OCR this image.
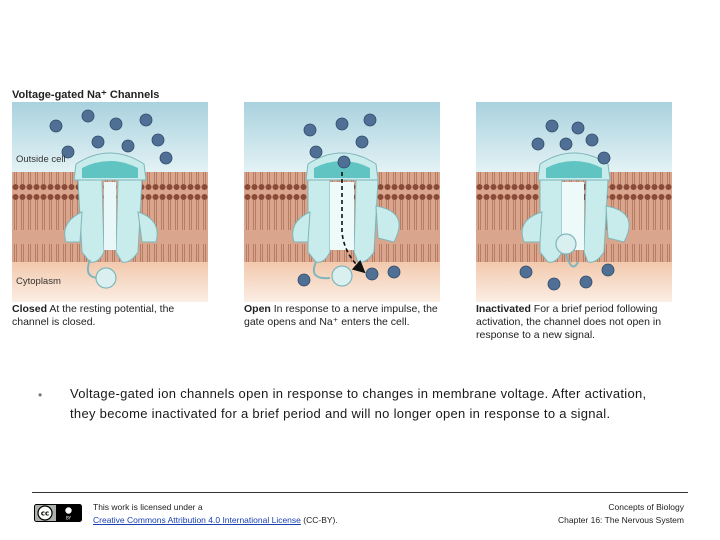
Voltage-gated Na⁺ Channels
Outside cell
Cytoplasm
Closed At the resting potential, the channel is closed.
Open In response to a nerve impulse, the gate opens and Na⁺ enters the cell.
Inactivated For a brief period following activation, the channel does not open in response to a new signal.
• Voltage-gated ion channels open in response to changes in membrane voltage. After activation, they become inactivated for a brief period and will no longer open in response to a signal.
cc
BY
This work is licensed under a
Creative Commons Attribution 4.0 International License (CC-BY).
Concepts of Biology
Chapter 16: The Nervous System
